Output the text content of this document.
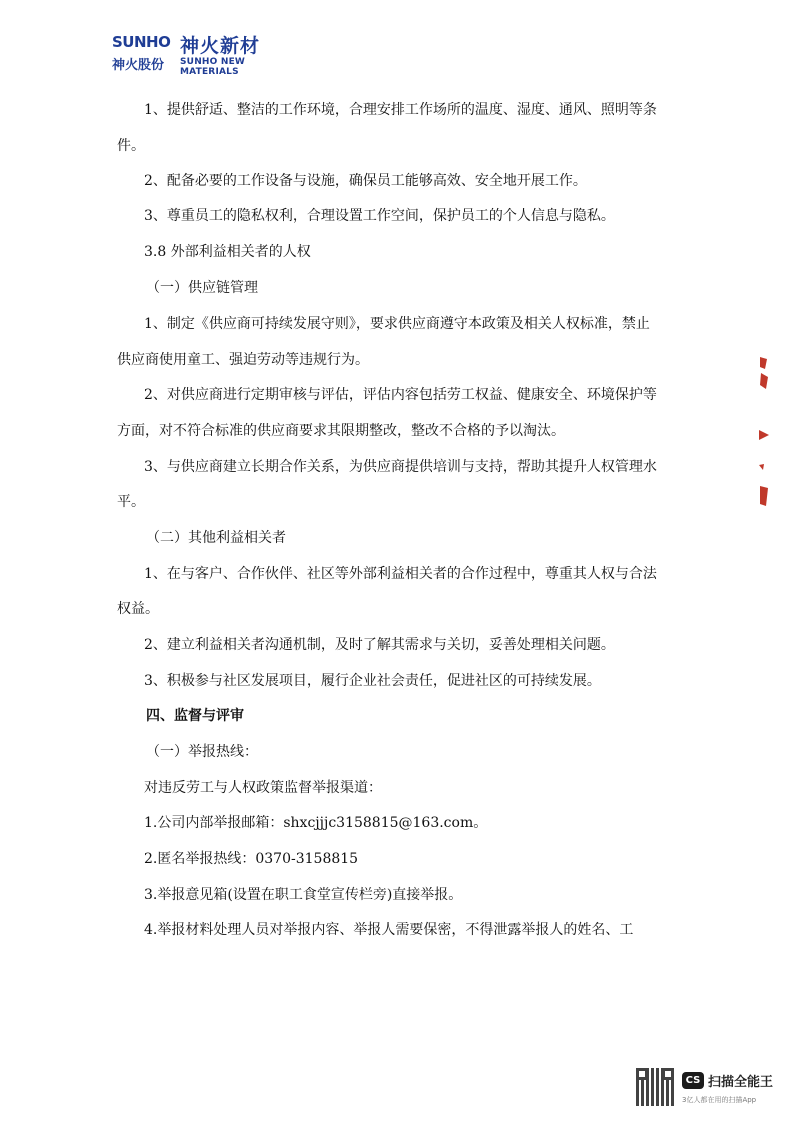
SUNHO 神火新材
神火股份 SUNHO NEW MATERIALS
1、提供舒适、整洁的工作环境，合理安排工作场所的温度、湿度、通风、照明等条
件。
2、配备必要的工作设备与设施，确保员工能够高效、安全地开展工作。
3、尊重员工的隐私权利，合理设置工作空间，保护员工的个人信息与隐私。
3.8 外部利益相关者的人权
（一）供应链管理
1、制定《供应商可持续发展守则》，要求供应商遵守本政策及相关人权标准，禁止
供应商使用童工、强迫劳动等违规行为。
2、对供应商进行定期审核与评估，评估内容包括劳工权益、健康安全、环境保护等
方面，对不符合标准的供应商要求其限期整改，整改不合格的予以淘汰。
3、与供应商建立长期合作关系，为供应商提供培训与支持，帮助其提升人权管理水
平。
（二）其他利益相关者
1、在与客户、合作伙伴、社区等外部利益相关者的合作过程中，尊重其人权与合法
权益。
2、建立利益相关者沟通机制，及时了解其需求与关切，妥善处理相关问题。
3、积极参与社区发展项目，履行企业社会责任，促进社区的可持续发展。
四、监督与评审
（一）举报热线：
对违反劳工与人权政策监督举报渠道：
1.公司内部举报邮箱：shxcjjjc3158815@163.com。
2.匿名举报热线：0370-3158815
3.举报意见箱(设置在职工食堂宣传栏旁)直接举报。
4.举报材料处理人员对举报内容、举报人需要保密，不得泄露举报人的姓名、工
CS 扫描全能王
3亿人都在用的扫描App
